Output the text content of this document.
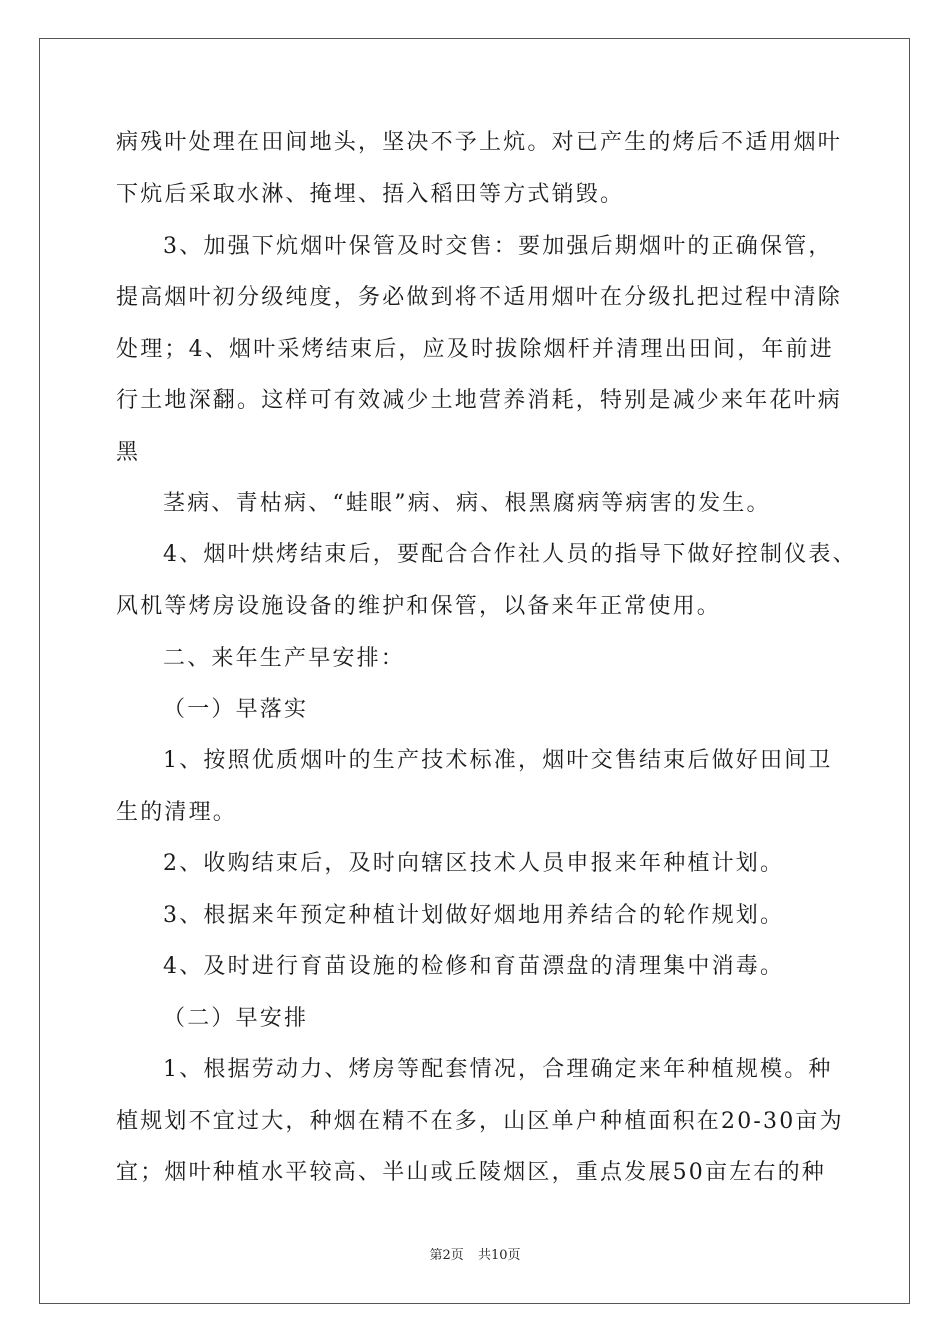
病残叶处理在田间地头，坚决不予上炕。对已产生的烤后不适用烟叶
下炕后采取水淋、掩埋、捂入稻田等方式销毁。
3、加强下炕烟叶保管及时交售：要加强后期烟叶的正确保管，
提高烟叶初分级纯度，务必做到将不适用烟叶在分级扎把过程中清除
处理；4、烟叶采烤结束后，应及时拔除烟杆并清理出田间，年前进
行土地深翻。这样可有效减少土地营养消耗，特别是减少来年花叶病
黑
茎病、青枯病、“蛙眼”病、病、根黑腐病等病害的发生。
4、烟叶烘烤结束后，要配合合作社人员的指导下做好控制仪表、
风机等烤房设施设备的维护和保管，以备来年正常使用。
二、来年生产早安排：
（一）早落实
1、按照优质烟叶的生产技术标准，烟叶交售结束后做好田间卫
生的清理。
2、收购结束后，及时向辖区技术人员申报来年种植计划。
3、根据来年预定种植计划做好烟地用养结合的轮作规划。
4、及时进行育苗设施的检修和育苗漂盘的清理集中消毒。
（二）早安排
1、根据劳动力、烤房等配套情况，合理确定来年种植规模。种
植规划不宜过大，种烟在精不在多，山区单户种植面积在20-30亩为
宜；烟叶种植水平较高、半山或丘陵烟区，重点发展50亩左右的种
第2页 共10页
